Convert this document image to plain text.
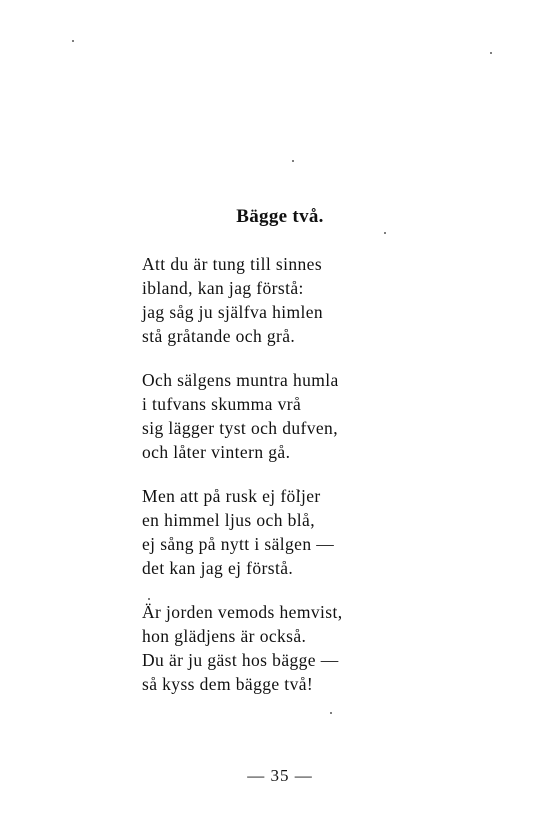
Bägge två.
Att du är tung till sinnes
ibland, kan jag förstå:
jag såg ju själfva himlen
stå gråtande och grå.
Och sälgens muntra humla
i tufvans skumma vrå
sig lägger tyst och dufven,
och låter vintern gå.
Men att på rusk ej följer
en himmel ljus och blå,
ej sång på nytt i sälgen —
det kan jag ej förstå.
Är jorden vemods hemvist,
hon glädjens är också.
Du är ju gäst hos bägge —
så kyss dem bägge två!
— 35 —
